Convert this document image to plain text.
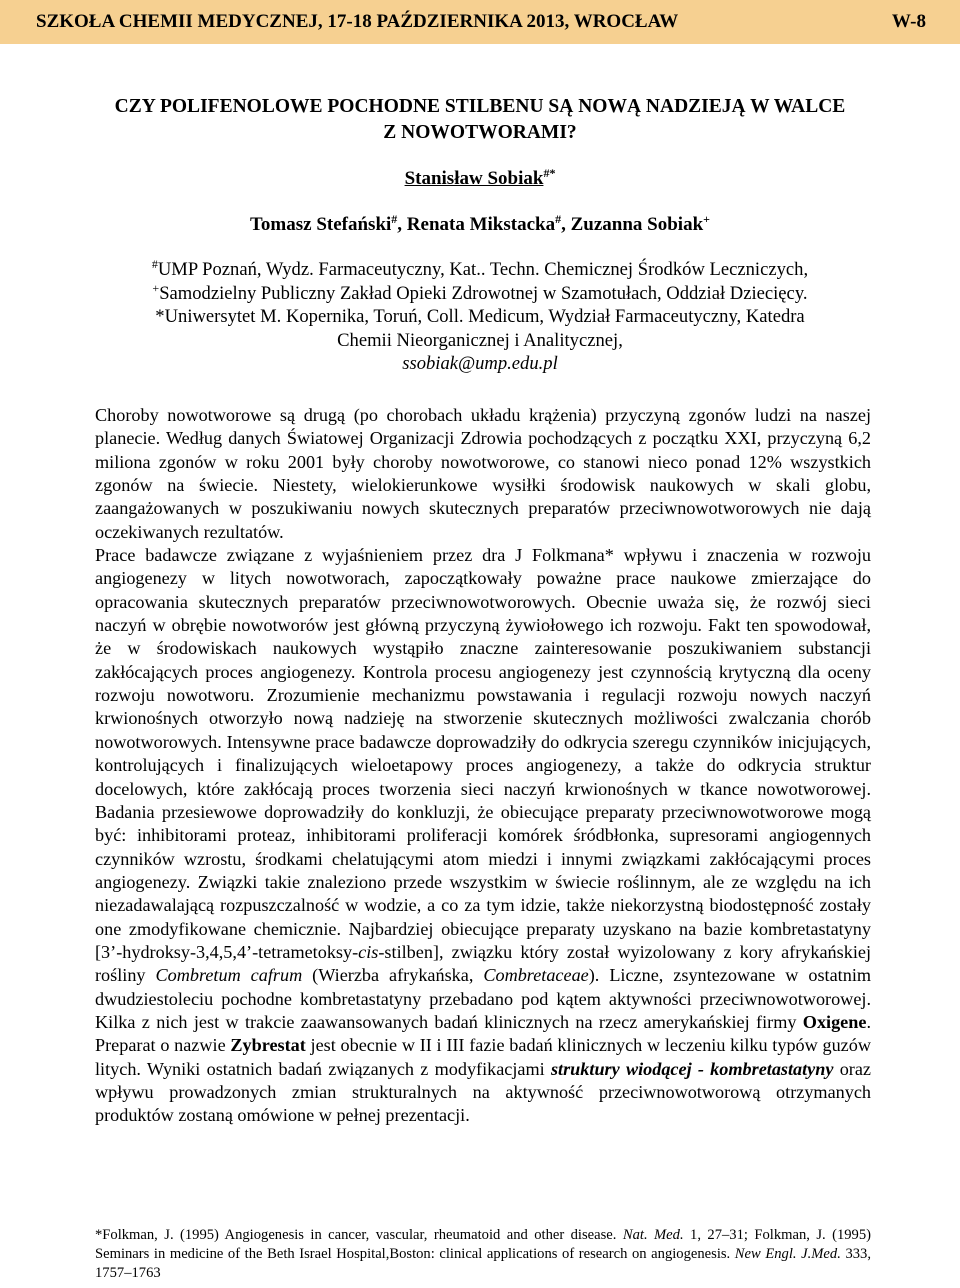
SZKOŁA CHEMII MEDYCZNEJ, 17-18 PAŹDZIERNIKA 2013, WROCŁAW	W-8
CZY POLIFENOLOWE POCHODNE STILBENU SĄ NOWĄ NADZIEJĄ W WALCE
Z NOWOTWORAMI?
Stanisław Sobiak#*
Tomasz Stefański#, Renata Mikstacka#, Zuzanna Sobiak+
#UMP Poznań, Wydz. Farmaceutyczny, Kat.. Techn. Chemicznej Środków Leczniczych,
+Samodzielny Publiczny Zakład Opieki Zdrowotnej w Szamotułach, Oddział Dziecięcy.
*Uniwersytet M. Kopernika, Toruń, Coll. Medicum, Wydział Farmaceutyczny, Katedra
Chemii Nieorganicznej i Analitycznej,
ssobiak@ump.edu.pl

Choroby nowotworowe są drugą (po chorobach układu krążenia) przyczyną zgonów ludzi na naszej planecie. Według danych Światowej Organizacji Zdrowia pochodzących z początku XXI, przyczyną 6,2 miliona zgonów w roku 2001 były choroby nowotworowe, co stanowi nieco ponad 12% wszystkich zgonów na świecie. Niestety, wielokierunkowe wysiłki środowisk naukowych w skali globu, zaangażowanych w poszukiwaniu nowych skutecznych preparatów przeciwnowotworowych nie dają oczekiwanych rezultatów.

Prace badawcze związane z wyjaśnieniem przez dra J Folkmana* wpływu i znaczenia w rozwoju angiogenezy w litych nowotworach, zapoczątkowały poważne prace naukowe zmierzające do opracowania skutecznych preparatów przeciwnowotworowych. Obecnie uważa się, że rozwój sieci naczyń w obrębie nowotworów jest główną przyczyną żywiołowego ich rozwoju. Fakt ten spowodował, że w środowiskach naukowych wystąpiło znaczne zainteresowanie poszukiwaniem substancji zakłócających proces angiogenezy. Kontrola procesu angiogenezy jest czynnością krytyczną dla oceny rozwoju nowotworu. Zrozumienie mechanizmu powstawania i regulacji rozwoju nowych naczyń krwionośnych otworzyło nową nadzieję na stworzenie skutecznych możliwości zwalczania chorób nowotworowych. Intensywne prace badawcze doprowadziły do odkrycia szeregu czynników inicjujących, kontrolujących i finalizujących wieloetapowy proces angiogenezy, a także do odkrycia struktur docelowych, które zakłócają proces tworzenia sieci naczyń krwionośnych w tkance nowotworowej. Badania przesiewowe doprowadziły do konkluzji, że obiecujące preparaty przeciwnowotworowe mogą być: inhibitorami proteaz, inhibitorami proliferacji komórek śródbłonka, supresorami angiogennych czynników wzrostu, środkami chelatującymi atom miedzi i innymi związkami zakłócającymi proces angiogenezy. Związki takie znaleziono przede wszystkim w świecie roślinnym, ale ze względu na ich niezadawalającą rozpuszczalność w wodzie, a co za tym idzie, także niekorzystną biodostępność zostały one zmodyfikowane chemicznie. Najbardziej obiecujące preparaty uzyskano na bazie kombretastatyny [3’-hydroksy-3,4,5,4’-tetrametoksy-cis-stilben], związku który został wyizolowany z kory afrykańskiej rośliny Combretum cafrum (Wierzba afrykańska, Combretaceae). Liczne, zsyntezowane w ostatnim dwudziestoleciu pochodne kombretastatyny przebadano pod kątem aktywności przeciwnowotworowej. Kilka z nich jest w trakcie zaawansowanych badań klinicznych na rzecz amerykańskiej firmy Oxigene. Preparat o nazwie Zybrestat jest obecnie w II i III fazie badań klinicznych w leczeniu kilku typów guzów litych. Wyniki ostatnich badań związanych z modyfikacjami struktury wiodącej - kombretastatyny oraz wpływu prowadzonych zmian strukturalnych na aktywność przeciwnowotworową otrzymanych produktów zostaną omówione w pełnej prezentacji.

*Folkman, J. (1995) Angiogenesis in cancer, vascular, rheumatoid and other disease. Nat. Med. 1, 27–31; Folkman, J. (1995) Seminars in medicine of the Beth Israel Hospital,Boston: clinical applications of research on angiogenesis. New Engl. J.Med. 333, 1757–1763
